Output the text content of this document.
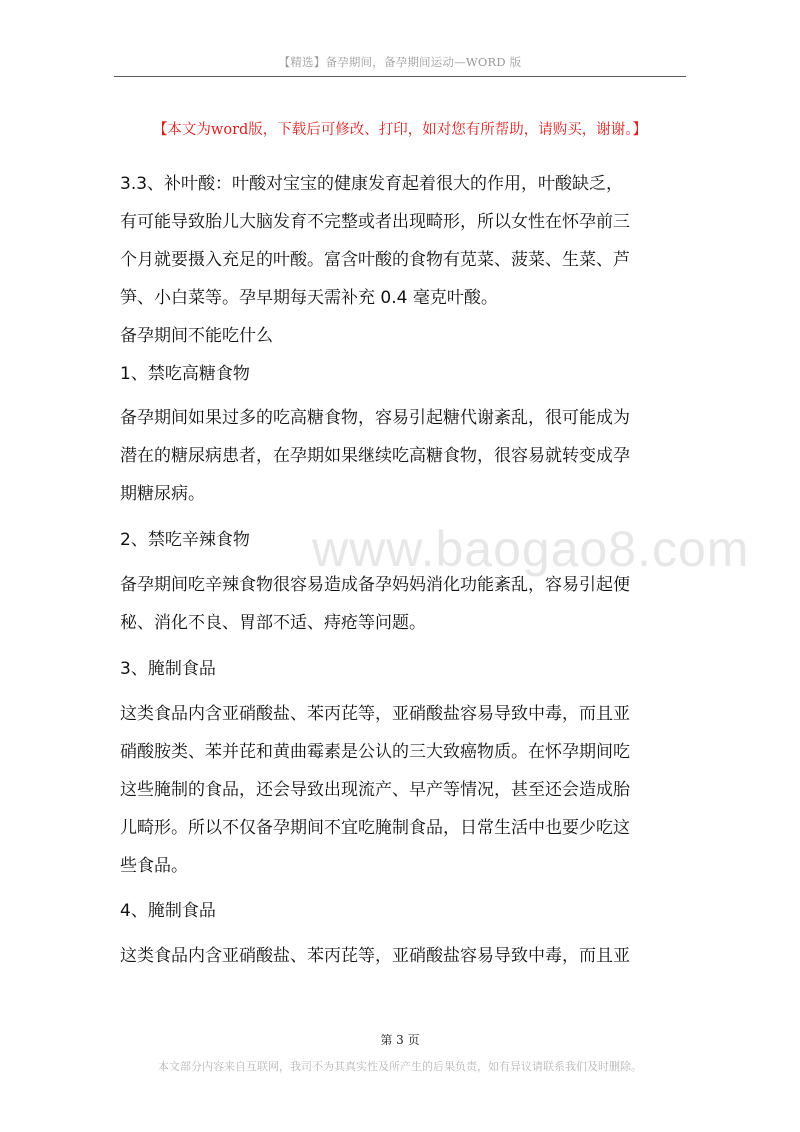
【精选】备孕期间，备孕期间运动—WORD 版
【本文为word版，下载后可修改、打印，如对您有所帮助，请购买，谢谢。】
www.baogao8.com
3.3、补叶酸：叶酸对宝宝的健康发育起着很大的作用，叶酸缺乏，
有可能导致胎儿大脑发育不完整或者出现畸形，所以女性在怀孕前三
个月就要摄入充足的叶酸。富含叶酸的食物有苋菜、菠菜、生菜、芦
笋、小白菜等。孕早期每天需补充 0.4 毫克叶酸。
备孕期间不能吃什么
1、禁吃高糖食物
备孕期间如果过多的吃高糖食物，容易引起糖代谢紊乱，很可能成为
潜在的糖尿病患者，在孕期如果继续吃高糖食物，很容易就转变成孕
期糖尿病。
2、禁吃辛辣食物
备孕期间吃辛辣食物很容易造成备孕妈妈消化功能紊乱，容易引起便
秘、消化不良、胃部不适、痔疮等问题。
3、腌制食品
这类食品内含亚硝酸盐、苯丙芘等，亚硝酸盐容易导致中毒，而且亚
硝酸胺类、苯并芘和黄曲霉素是公认的三大致癌物质。在怀孕期间吃
这些腌制的食品，还会导致出现流产、早产等情况，甚至还会造成胎
儿畸形。所以不仅备孕期间不宜吃腌制食品，日常生活中也要少吃这
些食品。
4、腌制食品
这类食品内含亚硝酸盐、苯丙芘等，亚硝酸盐容易导致中毒，而且亚
第 3 页
本文部分内容来自互联网，我司不为其真实性及所产生的后果负责，如有异议请联系我们及时删除。
